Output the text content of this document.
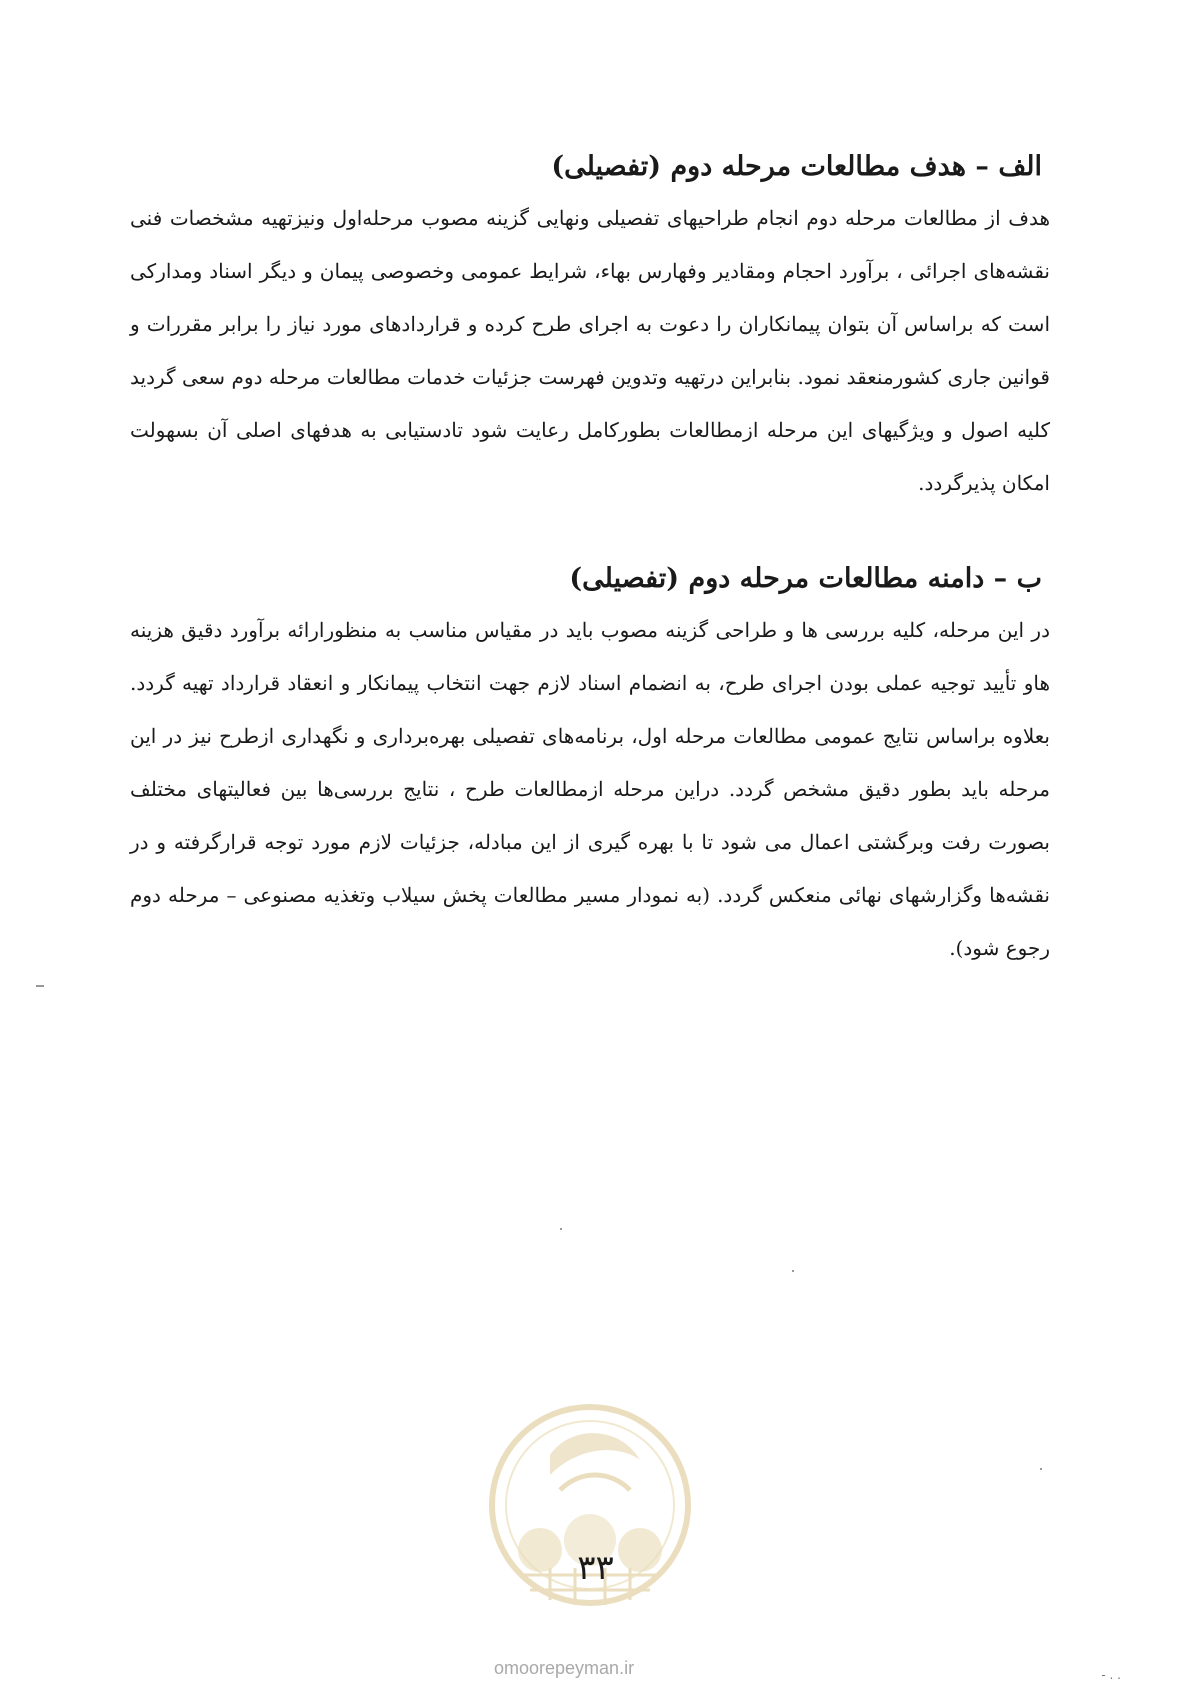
الف – هدف مطالعات مرحله دوم (تفصیلی)

هدف از مطالعات مرحله دوم انجام طراحیهای تفصیلی ونهایی گزینه مصوب مرحله‌اول ونیزتهیه مشخصات فنی نقشه‌های اجرائی ، برآورد احجام ومقادیر وفهارس بهاء، شرایط عمومی وخصوصی پیمان و دیگر اسناد ومدارکی است که براساس آن بتوان پیمانکاران را دعوت به اجرای طرح کرده و قراردادهای مورد نیاز را برابر مقررات و قوانین جاری کشورمنعقد نمود. بنابراین درتهیه وتدوین فهرست جزئیات خدمات مطالعات مرحله دوم سعی گردید کلیه اصول و ویژگیهای این مرحله ازمطالعات بطورکامل رعایت شود تادستیابی به هدفهای اصلی آن بسهولت امکان پذیرگردد.

ب – دامنه مطالعات مرحله دوم (تفصیلی)

در این مرحله، کلیه بررسی ها و طراحی گزینه مصوب باید در مقیاس مناسب به منظورارائه برآورد دقیق هزینه هاو تأیید توجیه عملی بودن اجرای طرح، به انضمام اسناد لازم جهت انتخاب پیمانکار و انعقاد قرارداد تهیه گردد. بعلاوه براساس نتایج عمومی مطالعات مرحله اول، برنامه‌های تفصیلی بهره‌برداری و نگهداری ازطرح نیز در این مرحله باید بطور دقیق مشخص گردد. دراین مرحله ازمطالعات طرح ، نتایج بررسی‌ها بین فعالیتهای مختلف بصورت رفت وبرگشتی اعمال می شود تا با بهره گیری از این مبادله، جزئیات لازم مورد توجه قرارگرفته و در نقشه‌ها وگزارشهای نهائی منعکس گردد. (به نمودار مسیر مطالعات پخش سیلاب وتغذیه مصنوعی – مرحله دوم رجوع شود).

۳۳
omoorepeyman.ir	- . .
